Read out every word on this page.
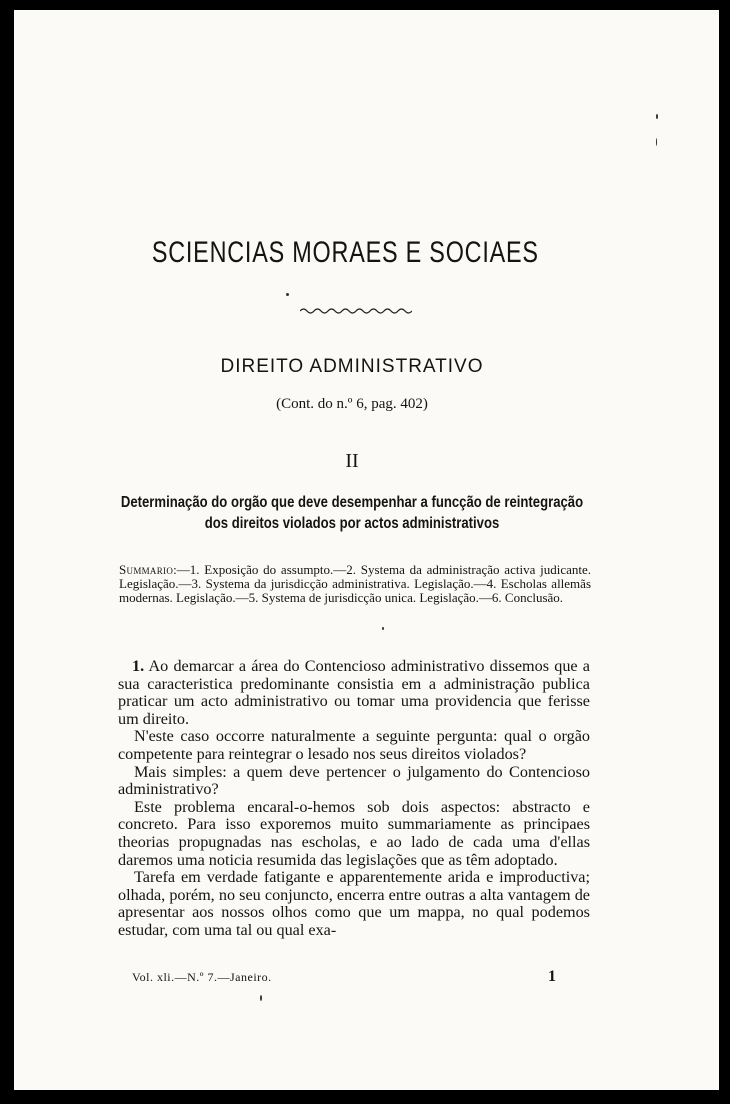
SCIENCIAS MORAES E SOCIAES
DIREITO ADMINISTRATIVO
(Cont. do n.º 6, pag. 402)
II
Determinação do orgão que deve desempenhar a funcção de reintegração
dos direitos violados por actos administrativos
Summario:—1. Exposição do assumpto.—2. Systema da administração activa judicante. Legislação.—3. Systema da jurisdicção administrativa. Legislação.—4. Escholas allemãs modernas. Legislação.—5. Systema de jurisdicção unica. Legislação.—6. Conclusão.

1. Ao demarcar a área do Contencioso administrativo dissemos que a sua caracteristica predominante consistia em a administração publica praticar um acto administrativo ou tomar uma providencia que ferisse um direito.

N'este caso occorre naturalmente a seguinte pergunta: qual o orgão competente para reintegrar o lesado nos seus direitos violados?

Mais simples: a quem deve pertencer o julgamento do Contencioso administrativo?

Este problema encaral-o-hemos sob dois aspectos: abstracto e concreto. Para isso exporemos muito summariamente as principaes theorias propugnadas nas escholas, e ao lado de cada uma d'ellas daremos uma noticia resumida das legislações que as têm adoptado.

Tarefa em verdade fatigante e apparentemente arida e improductiva; olhada, porém, no seu conjuncto, encerra entre outras a alta vantagem de apresentar aos nossos olhos como que um mappa, no qual podemos estudar, com uma tal ou qual exa-

Vol. xli.—N.º 7.—Janeiro.	1
